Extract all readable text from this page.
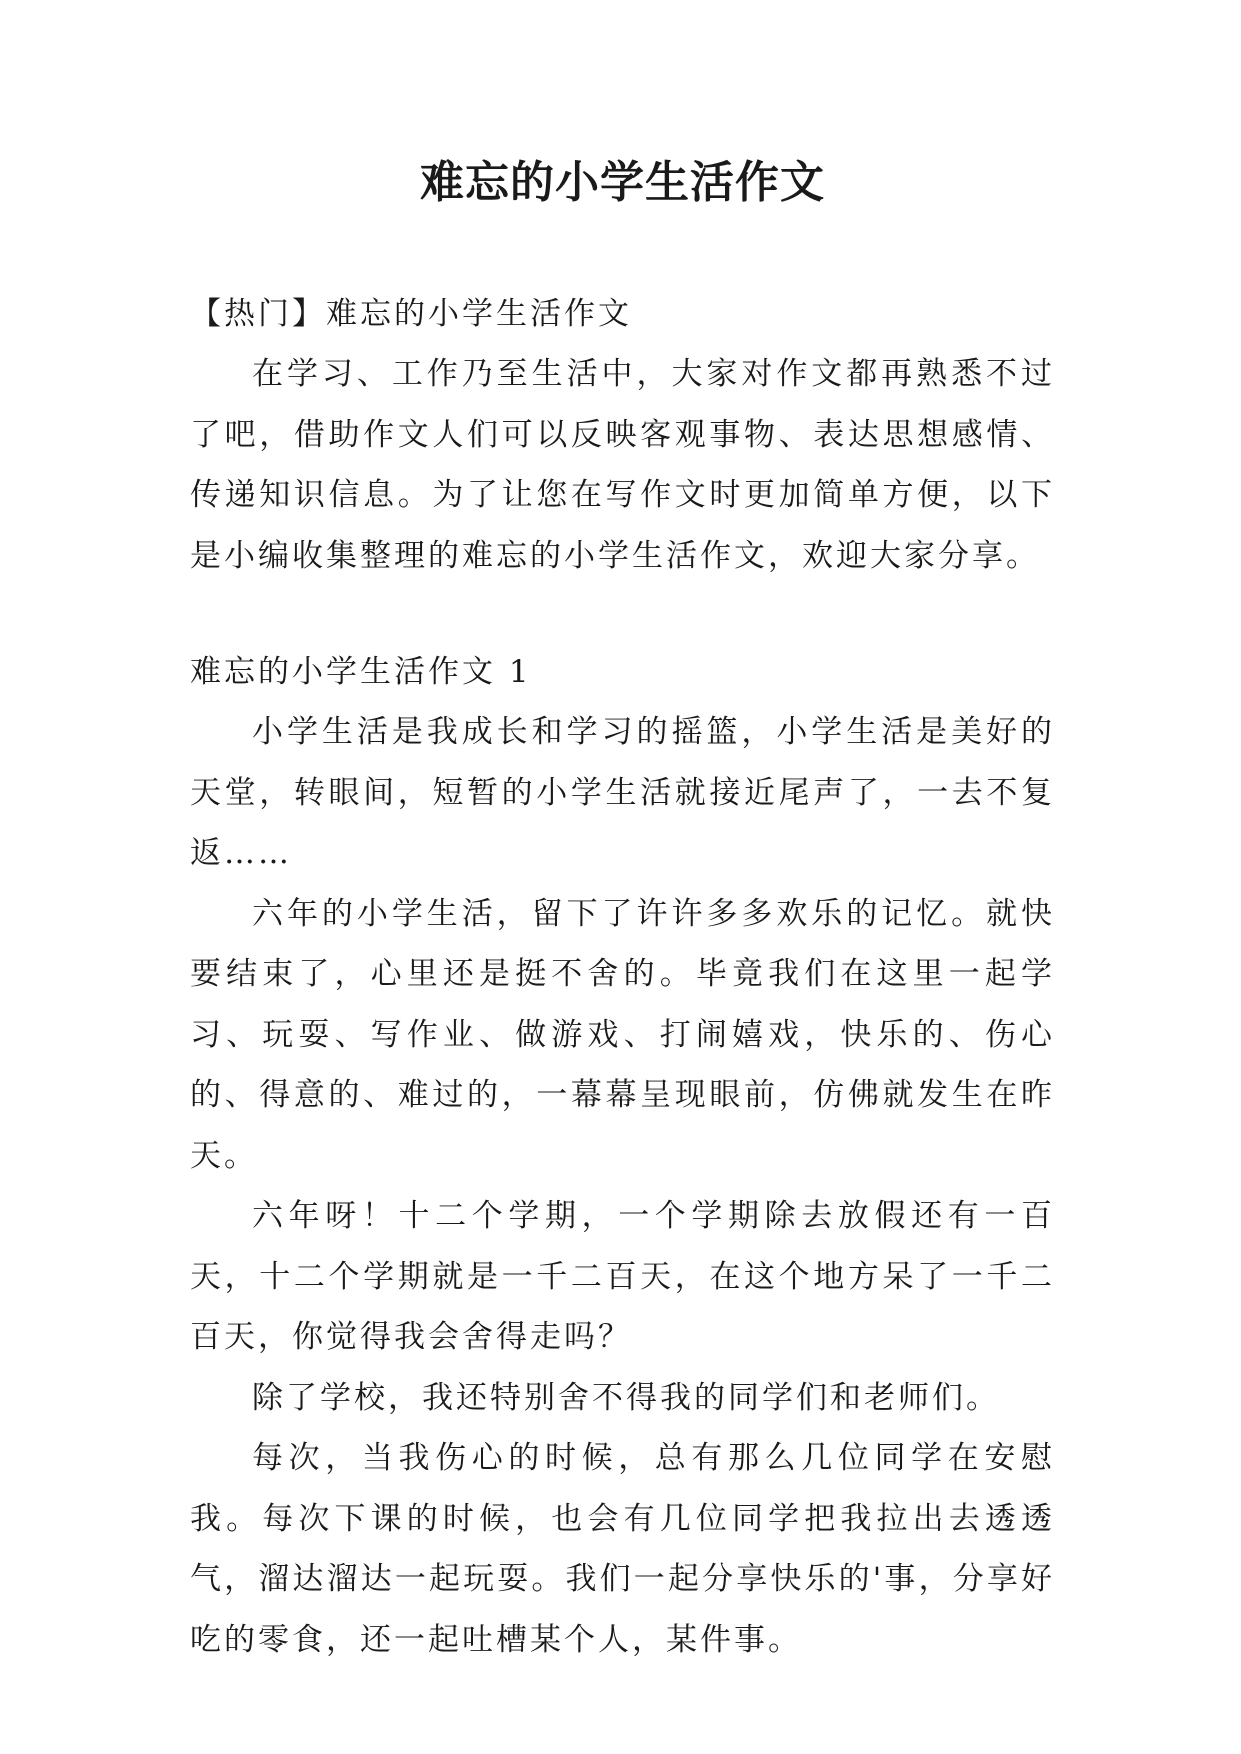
难忘的小学生活作文

【热门】难忘的小学生活作文

在学习、工作乃至生活中，大家对作文都再熟悉不过了吧，借助作文人们可以反映客观事物、表达思想感情、传递知识信息。为了让您在写作文时更加简单方便，以下是小编收集整理的难忘的小学生活作文，欢迎大家分享。

难忘的小学生活作文 1

小学生活是我成长和学习的摇篮，小学生活是美好的天堂，转眼间，短暂的小学生活就接近尾声了，一去不复返……

六年的小学生活，留下了许许多多欢乐的记忆。就快要结束了，心里还是挺不舍的。毕竟我们在这里一起学习、玩耍、写作业、做游戏、打闹嬉戏，快乐的、伤心的、得意的、难过的，一幕幕呈现眼前，仿佛就发生在昨天。

六年呀！十二个学期，一个学期除去放假还有一百天，十二个学期就是一千二百天，在这个地方呆了一千二百天，你觉得我会舍得走吗？

除了学校，我还特别舍不得我的同学们和老师们。

每次，当我伤心的时候，总有那么几位同学在安慰我。每次下课的时候，也会有几位同学把我拉出去透透气，溜达溜达一起玩耍。我们一起分享快乐的'事，分享好吃的零食，还一起吐槽某个人，某件事。
